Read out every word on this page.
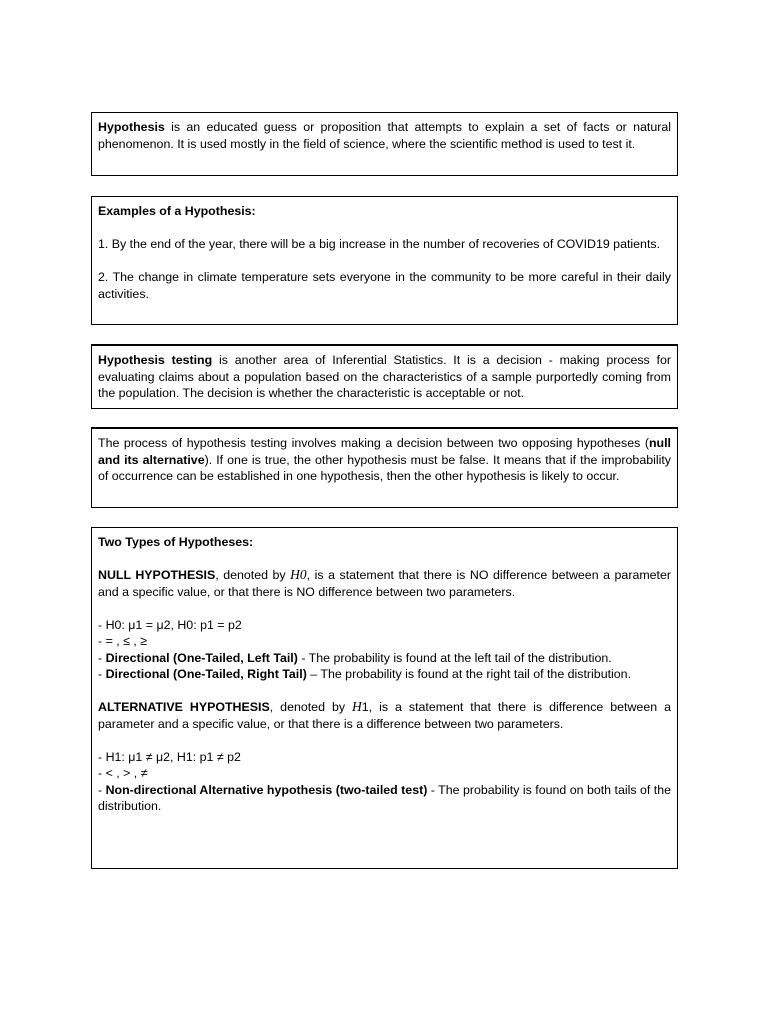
Hypothesis is an educated guess or proposition that attempts to explain a set of facts or natural phenomenon. It is used mostly in the field of science, where the scientific method is used to test it.

Examples of a Hypothesis:

1. By the end of the year, there will be a big increase in the number of recoveries of COVID19 patients.

2. The change in climate temperature sets everyone in the community to be more careful in their daily activities.

Hypothesis testing is another area of Inferential Statistics. It is a decision - making process for evaluating claims about a population based on the characteristics of a sample purportedly coming from the population. The decision is whether the characteristic is acceptable or not.

The process of hypothesis testing involves making a decision between two opposing hypotheses (null and its alternative). If one is true, the other hypothesis must be false. It means that if the improbability of occurrence can be established in one hypothesis, then the other hypothesis is likely to occur.

Two Types of Hypotheses:

NULL HYPOTHESIS, denoted by H0, is a statement that there is NO difference between a parameter and a specific value, or that there is NO difference between two parameters.

- H0: μ1 = μ2, H0: p1 = p2

- = , ≤ , ≥

- Directional (One-Tailed, Left Tail) - The probability is found at the left tail of the distribution.

- Directional (One-Tailed, Right Tail) – The probability is found at the right tail of the distribution.

ALTERNATIVE HYPOTHESIS, denoted by H1, is a statement that there is difference between a parameter and a specific value, or that there is a difference between two parameters.

- H1: μ1 ≠ μ2, H1: p1 ≠ p2

- < , > , ≠

- Non-directional Alternative hypothesis (two-tailed test) - The probability is found on both tails of the distribution.
